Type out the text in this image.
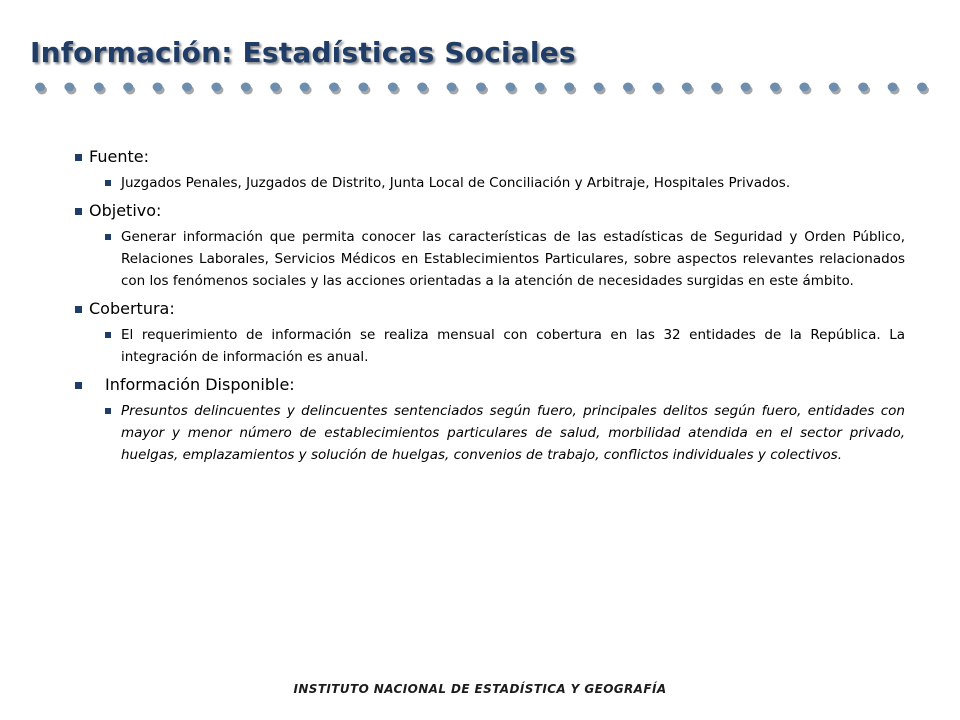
Información: Estadísticas Sociales
Fuente:
Juzgados Penales, Juzgados de Distrito, Junta Local de Conciliación y Arbitraje, Hospitales Privados.
Objetivo:
Generar información que permita conocer las características de las estadísticas de Seguridad y Orden Público, Relaciones Laborales, Servicios Médicos en Establecimientos Particulares, sobre aspectos relevantes relacionados con los fenómenos sociales y las acciones orientadas a la atención de necesidades surgidas en este ámbito.
Cobertura:
El requerimiento de información se realiza mensual con cobertura en las 32 entidades de la República. La integración de información es anual.
Información Disponible:
Presuntos delincuentes y delincuentes sentenciados según fuero, principales delitos según fuero, entidades con mayor y menor número de establecimientos particulares de salud, morbilidad atendida en el sector privado, huelgas, emplazamientos y solución de huelgas, convenios de trabajo, conflictos individuales y colectivos.
INSTITUTO NACIONAL DE ESTADÍSTICA Y GEOGRAFÍA
